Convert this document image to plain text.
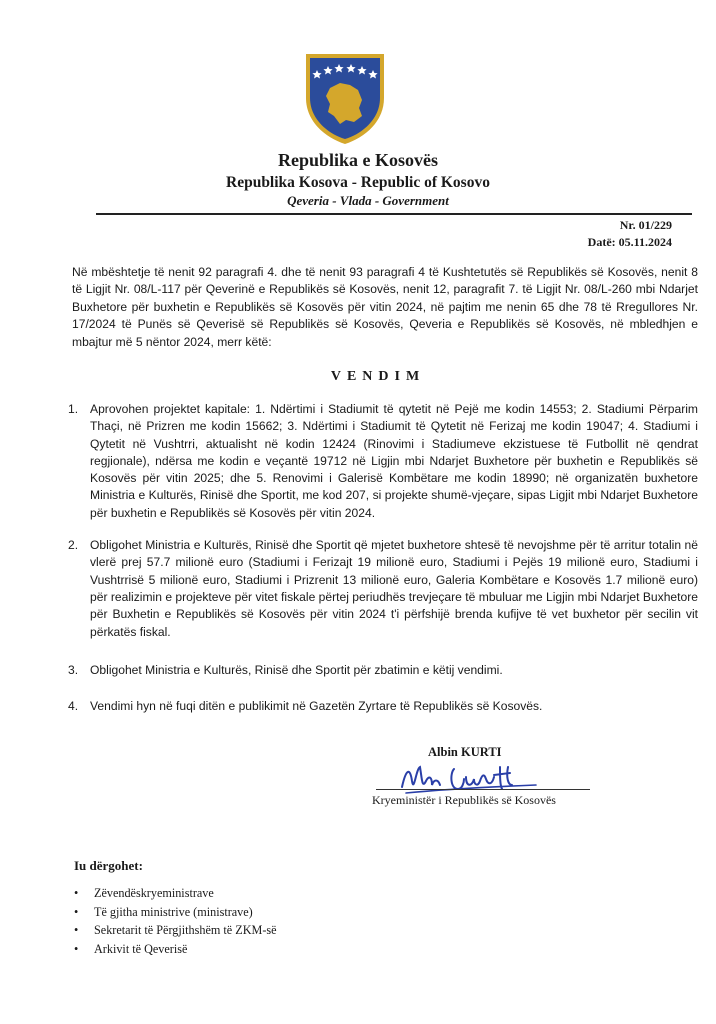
Republika e Kosovës
Republika Kosova - Republic of Kosovo
Qeveria - Vlada - Government
Nr. 01/229
Datë: 05.11.2024
Në mbështetje të nenit 92 paragrafi 4. dhe të nenit 93 paragrafi 4 të Kushtetutës së Republikës së Kosovës, nenit 8 të Ligjit Nr. 08/L-117 për Qeverinë e Republikës së Kosovës, nenit 12, paragrafit 7. të Ligjit Nr. 08/L-260 mbi Ndarjet Buxhetore për buxhetin e Republikës së Kosovës për vitin 2024, në pajtim me nenin 65 dhe 78 të Rregullores Nr. 17/2024 të Punës së Qeverisë së Republikës së Kosovës, Qeveria e Republikës së Kosovës, në mbledhjen e mbajtur më 5 nëntor 2024, merr këtë:
VENDIM
1. Aprovohen projektet kapitale: 1. Ndërtimi i Stadiumit të qytetit në Pejë me kodin 14553; 2. Stadiumi Përparim Thaçi, në Prizren me kodin 15662; 3. Ndërtimi i Stadiumit të Qytetit në Ferizaj me kodin 19047; 4. Stadiumi i Qytetit në Vushtrri, aktualisht në kodin 12424 (Rinovimi i Stadiumeve ekzistuese të Futbollit në qendrat regjionale), ndërsa me kodin e veçantë 19712 në Ligjin mbi Ndarjet Buxhetore për buxhetin e Republikës së Kosovës për vitin 2025; dhe 5. Renovimi i Galerisë Kombëtare me kodin 18990; në organizatën buxhetore Ministria e Kulturës, Rinisë dhe Sportit, me kod 207, si projekte shumë-vjeçare, sipas Ligjit mbi Ndarjet Buxhetore për buxhetin e Republikës së Kosovës për vitin 2024.
2. Obligohet Ministria e Kulturës, Rinisë dhe Sportit që mjetet buxhetore shtesë të nevojshme për të arritur totalin në vlerë prej 57.7 milionë euro (Stadiumi i Ferizajt 19 milionë euro, Stadiumi i Pejës 19 milionë euro, Stadiumi i Vushtrrisë 5 milionë euro, Stadiumi i Prizrenit 13 milionë euro, Galeria Kombëtare e Kosovës 1.7 milionë euro) për realizimin e projekteve për vitet fiskale përtej periudhës trevjeçare të mbuluar me Ligjin mbi Ndarjet Buxhetore për Buxhetin e Republikës së Kosovës për vitin 2024 t'i përfshijë brenda kufijve të vet buxhetor për secilin vit përkatës fiskal.
3. Obligohet Ministria e Kulturës, Rinisë dhe Sportit për zbatimin e këtij vendimi.
4. Vendimi hyn në fuqi ditën e publikimit në Gazetën Zyrtare të Republikës së Kosovës.
Albin KURTI
Kryeministër i Republikës së Kosovës
Iu dërgohet:
• Zëvendëskryeministrave
• Të gjitha ministrive (ministrave)
• Sekretarit të Përgjithshëm të ZKM-së
• Arkivit të Qeverisë
